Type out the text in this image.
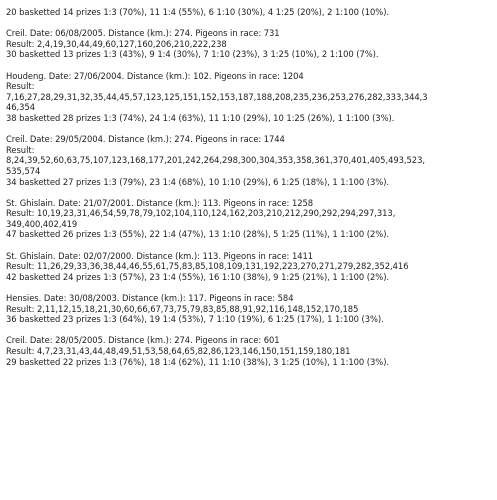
20 basketted 14 prizes 1:3 (70%), 11 1:4 (55%), 6 1:10 (30%), 4 1:25 (20%), 2 1:100 (10%).
Creil. Date: 06/08/2005. Distance (km.): 274. Pigeons in race: 731
Result: 2,4,19,30,44,49,60,127,160,206,210,222,238
30 basketted 13 prizes 1:3 (43%), 9 1:4 (30%), 7 1:10 (23%), 3 1:25 (10%), 2 1:100 (7%).
Houdeng. Date: 27/06/2004. Distance (km.): 102. Pigeons in race: 1204
Result:
7,16,27,28,29,31,32,35,44,45,57,123,125,151,152,153,187,188,208,235,236,253,276,282,333,344,3
46,354
38 basketted 28 prizes 1:3 (74%), 24 1:4 (63%), 11 1:10 (29%), 10 1:25 (26%), 1 1:100 (3%).
Creil. Date: 29/05/2004. Distance (km.): 274. Pigeons in race: 1744
Result:
8,24,39,52,60,63,75,107,123,168,177,201,242,264,298,300,304,353,358,361,370,401,405,493,523,
535,574
34 basketted 27 prizes 1:3 (79%), 23 1:4 (68%), 10 1:10 (29%), 6 1:25 (18%), 1 1:100 (3%).
St. Ghislain. Date: 21/07/2001. Distance (km.): 113. Pigeons in race: 1258
Result: 10,19,23,31,46,54,59,78,79,102,104,110,124,162,203,210,212,290,292,294,297,313,
349,400,402,419
47 basketted 26 prizes 1:3 (55%), 22 1:4 (47%), 13 1:10 (28%), 5 1:25 (11%), 1 1:100 (2%).
St. Ghislain. Date: 02/07/2000. Distance (km.): 113. Pigeons in race: 1411
Result: 11,26,29,33,36,38,44,46,55,61,75,83,85,108,109,131,192,223,270,271,279,282,352,416
42 basketted 24 prizes 1:3 (57%), 23 1:4 (55%), 16 1:10 (38%), 9 1:25 (21%), 1 1:100 (2%).
Hensies. Date: 30/08/2003. Distance (km.): 117. Pigeons in race: 584
Result: 2,11,12,15,18,21,30,60,66,67,73,75,79,83,85,88,91,92,116,148,152,170,185
36 basketted 23 prizes 1:3 (64%), 19 1:4 (53%), 7 1:10 (19%), 6 1:25 (17%), 1 1:100 (3%).
Creil. Date: 28/05/2005. Distance (km.): 274. Pigeons in race: 601
Result: 4,7,23,31,43,44,48,49,51,53,58,64,65,82,86,123,146,150,151,159,180,181
29 basketted 22 prizes 1:3 (76%), 18 1:4 (62%), 11 1:10 (38%), 3 1:25 (10%), 1 1:100 (3%).
